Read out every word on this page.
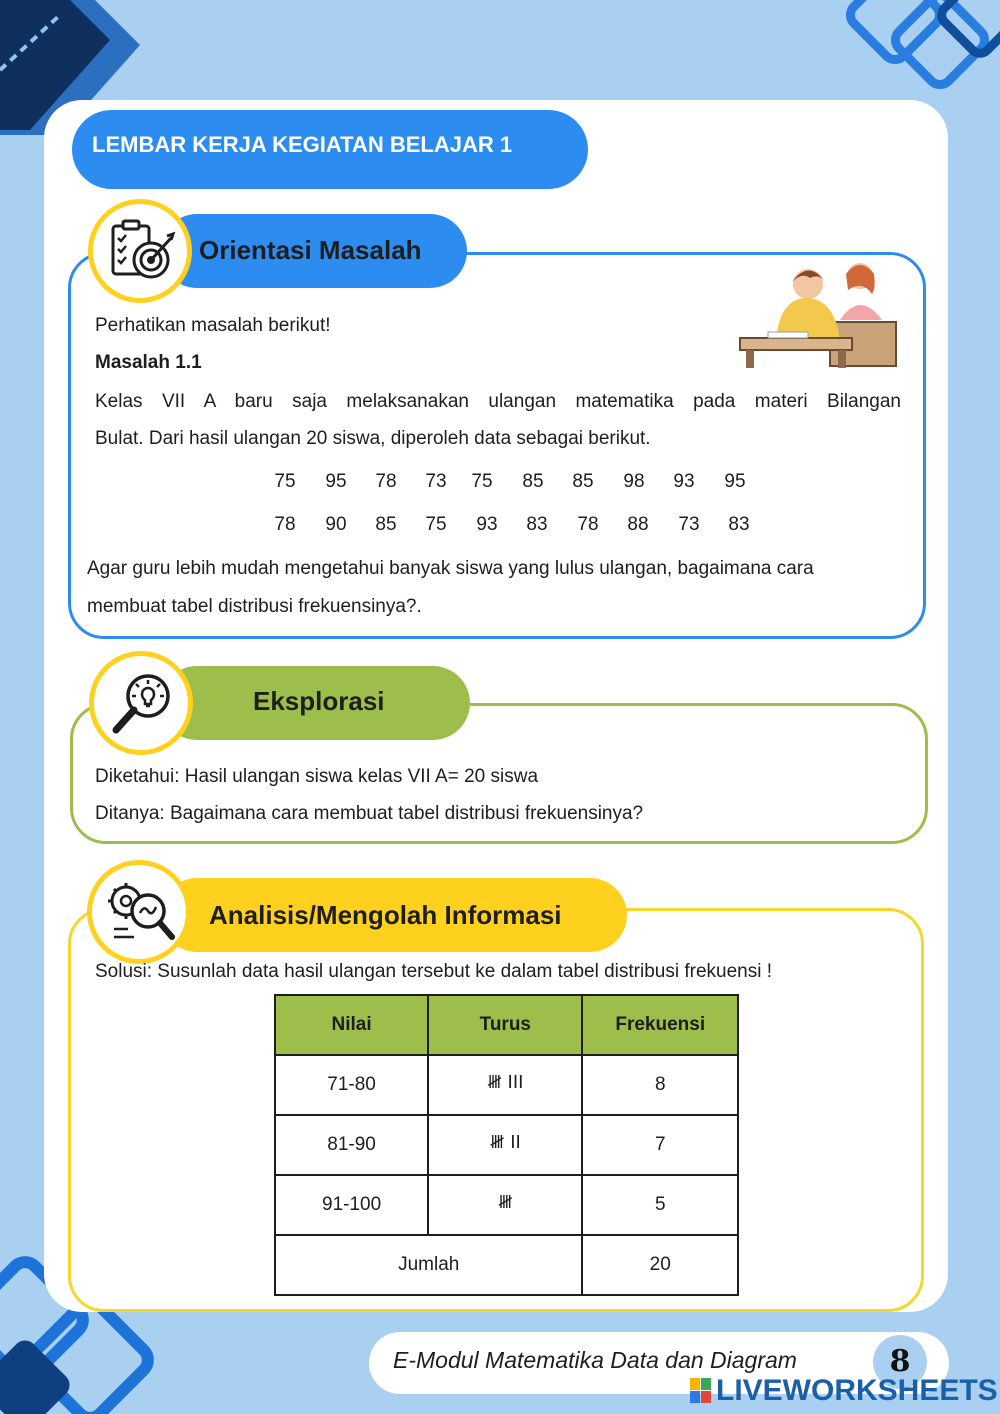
LEMBAR KERJA KEGIATAN BELAJAR 1
Orientasi Masalah
Perhatikan masalah berikut!
Masalah 1.1
Kelas VII A baru saja melaksanakan ulangan matematika pada materi Bilangan
Bulat. Dari hasil ulangan 20 siswa, diperoleh data sebagai berikut.
75	95	78	73	75	85	85	98	93	95
78	90	85	75	93	83	78	88	73	83
Agar guru lebih mudah mengetahui banyak siswa yang lulus ulangan, bagaimana cara
membuat tabel distribusi frekuensinya?.
Eksplorasi
Diketahui: Hasil ulangan siswa kelas VII A= 20 siswa
Ditanya: Bagaimana cara membuat tabel distribusi frekuensinya?
Analisis/Mengolah Informasi
Solusi: Susunlah data hasil ulangan tersebut ke dalam tabel distribusi frekuensi !
Nilai	Turus	Frekuensi
71-80	𝍸 III	8
81-90	𝍸 II	7
91-100	𝍸	5
Jumlah		20
E-Modul Matematika Data dan Diagram	8
LIVEWORKSHEETS
